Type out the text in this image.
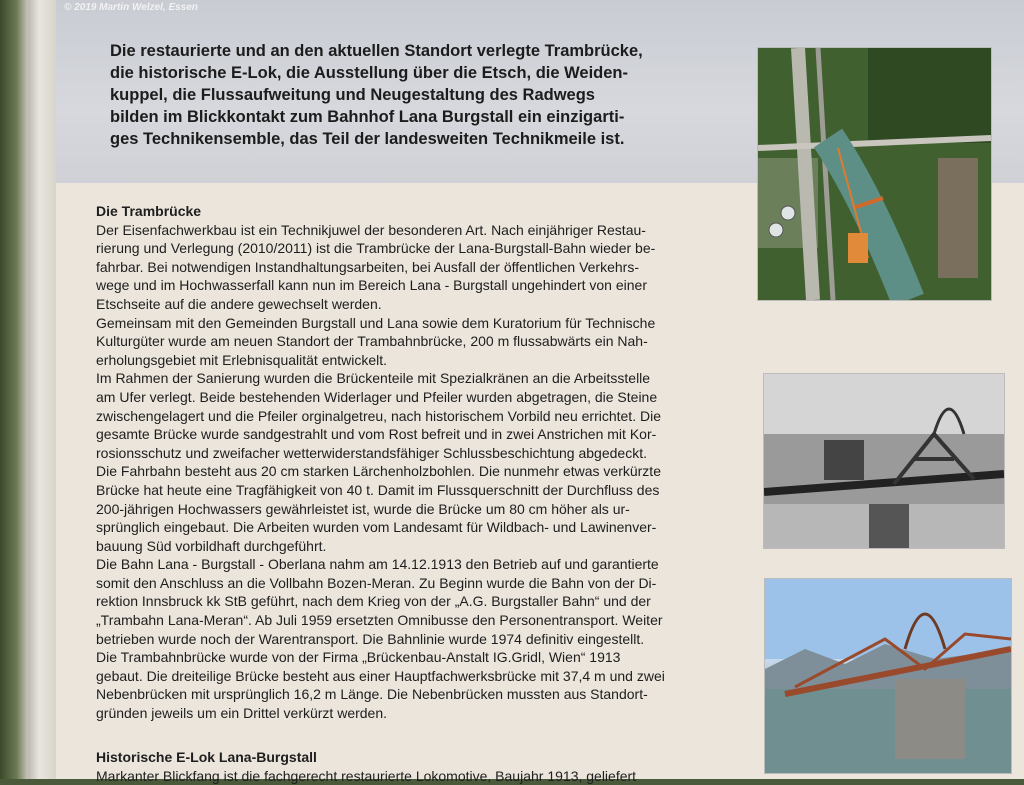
© 2019 Martin Welzel, Essen
Die restaurierte und an den aktuellen Standort verlegte Trambrücke,
die historische E-Lok, die Ausstellung über die Etsch, die Weiden-
kuppel, die Flussaufweitung und Neugestaltung des Radwegs
bilden im Blickkontakt zum Bahnhof Lana Burgstall ein einzigarti-
ges Technikensemble, das Teil der landesweiten Technikmeile ist.
Die Trambrücke
Der Eisenfachwerkbau ist ein Technikjuwel der besonderen Art. Nach einjähriger Restau-
rierung und Verlegung (2010/2011) ist die Trambrücke der Lana-Burgstall-Bahn wieder be-
fahrbar. Bei notwendigen Instandhaltungsarbeiten, bei Ausfall der öffentlichen Verkehrs-
wege und im Hochwasserfall kann nun im Bereich Lana - Burgstall ungehindert von einer
Etschseite auf die andere gewechselt werden.
Gemeinsam mit den Gemeinden Burgstall und Lana sowie dem Kuratorium für Technische
Kulturgüter wurde am neuen Standort der Trambahnbrücke, 200 m flussabwärts ein Nah-
erholungsgebiet mit Erlebnisqualität entwickelt.
Im Rahmen der Sanierung wurden die Brückenteile mit Spezialkränen an die Arbeitsstelle
am Ufer verlegt. Beide bestehenden Widerlager und Pfeiler wurden abgetragen, die Steine
zwischengelagert und die Pfeiler orginalgetreu, nach historischem Vorbild neu errichtet. Die
gesamte Brücke wurde sandgestrahlt und vom Rost befreit und in zwei Anstrichen mit Kor-
rosionsschutz und zweifacher wetterwiderstandsfähiger Schlussbeschichtung abgedeckt.
Die Fahrbahn besteht aus 20 cm starken Lärchenholzbohlen. Die nunmehr etwas verkürzte
Brücke hat heute eine Tragfähigkeit von 40 t. Damit im Flussquerschnitt der Durchfluss des
200-jährigen Hochwassers gewährleistet ist, wurde die Brücke um 80 cm höher als ur-
sprünglich eingebaut. Die Arbeiten wurden vom Landesamt für Wildbach- und Lawinenver-
bauung Süd vorbildhaft durchgeführt.
Die Bahn Lana - Burgstall - Oberlana nahm am 14.12.1913 den Betrieb auf und garantierte
somit den Anschluss an die Vollbahn Bozen-Meran. Zu Beginn wurde die Bahn von der Di-
rektion Innsbruck kk StB geführt, nach dem Krieg von der „A.G. Burgstaller Bahn“ und der
„Trambahn Lana-Meran“. Ab Juli 1959 ersetzten Omnibusse den Personentransport. Weiter
betrieben wurde noch der Warentransport. Die Bahnlinie wurde 1974 definitiv eingestellt.
Die Trambahnbrücke wurde von der Firma „Brückenbau-Anstalt IG.Gridl, Wien“ 1913
gebaut. Die dreiteilige Brücke besteht aus einer Hauptfachwerksbrücke mit 37,4 m und zwei
Nebenbrücken mit ursprünglich 16,2 m Länge. Die Nebenbrücken mussten aus Standort-
gründen jeweils um ein Drittel verkürzt werden.
Historische E-Lok Lana-Burgstall
Markanter Blickfang ist die fachgerecht restaurierte Lokomotive, Baujahr 1913, geliefert
